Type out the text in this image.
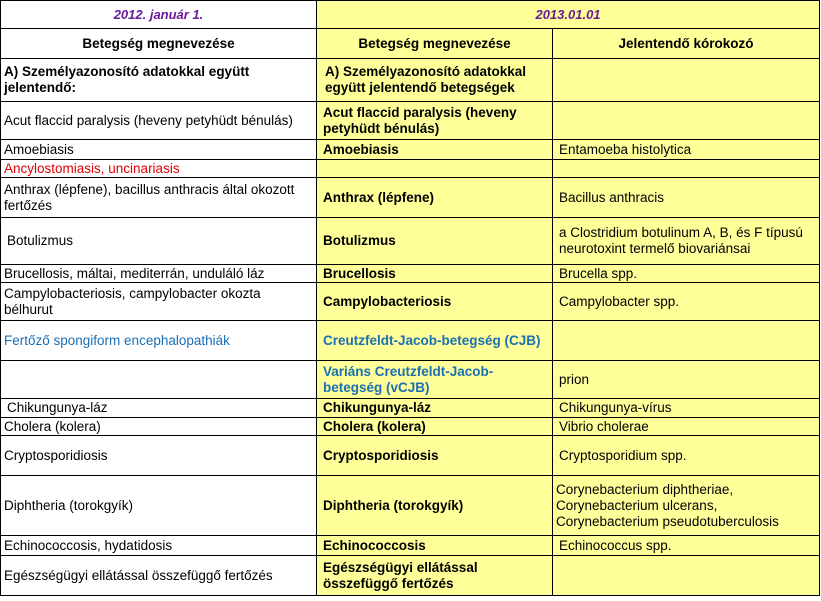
2012. január 1.	2013.01.01	
Betegség megnevezése	Betegség megnevezése	Jelentendő kórokozó
A) Személyazonosító adatokkal együtt jelentendő:	A) Személyazonosító adatokkal együtt jelentendő betegségek	
Acut flaccid paralysis (heveny petyhüdt bénulás)	Acut flaccid paralysis (heveny petyhüdt bénulás)	
Amoebiasis	Amoebiasis	Entamoeba histolytica
Ancylostomiasis, uncinariasis		
Anthrax (lépfene), bacillus anthracis által okozott fertőzés	Anthrax (lépfene)	Bacillus anthracis
Botulizmus	Botulizmus	a Clostridium botulinum A, B, és F típusú neurotoxint termelő biovariánsai
Brucellosis, máltai, mediterrán, unduláló láz	Brucellosis	Brucella spp.
Campylobacteriosis, campylobacter okozta bélhurut	Campylobacteriosis	Campylobacter spp.
Fertőző spongiform encephalopathiák	Creutzfeldt-Jacob-betegség (CJB)	
	Variáns Creutzfeldt-Jacob-betegség (vCJB)	prion
Chikungunya-láz	Chikungunya-láz	Chikungunya-vírus
Cholera (kolera)	Cholera (kolera)	Vibrio cholerae
Cryptosporidiosis	Cryptosporidiosis	Cryptosporidium spp.
Diphtheria (torokgyík)	Diphtheria (torokgyík)	Corynebacterium diphtheriae, Corynebacterium ulcerans, Corynebacterium pseudotuberculosis
Echinococcosis, hydatidosis	Echinococcosis	Echinococcus spp.
Egészségügyi ellátással összefüggő fertőzés	Egészségügyi ellátással összefüggő fertőzés	
